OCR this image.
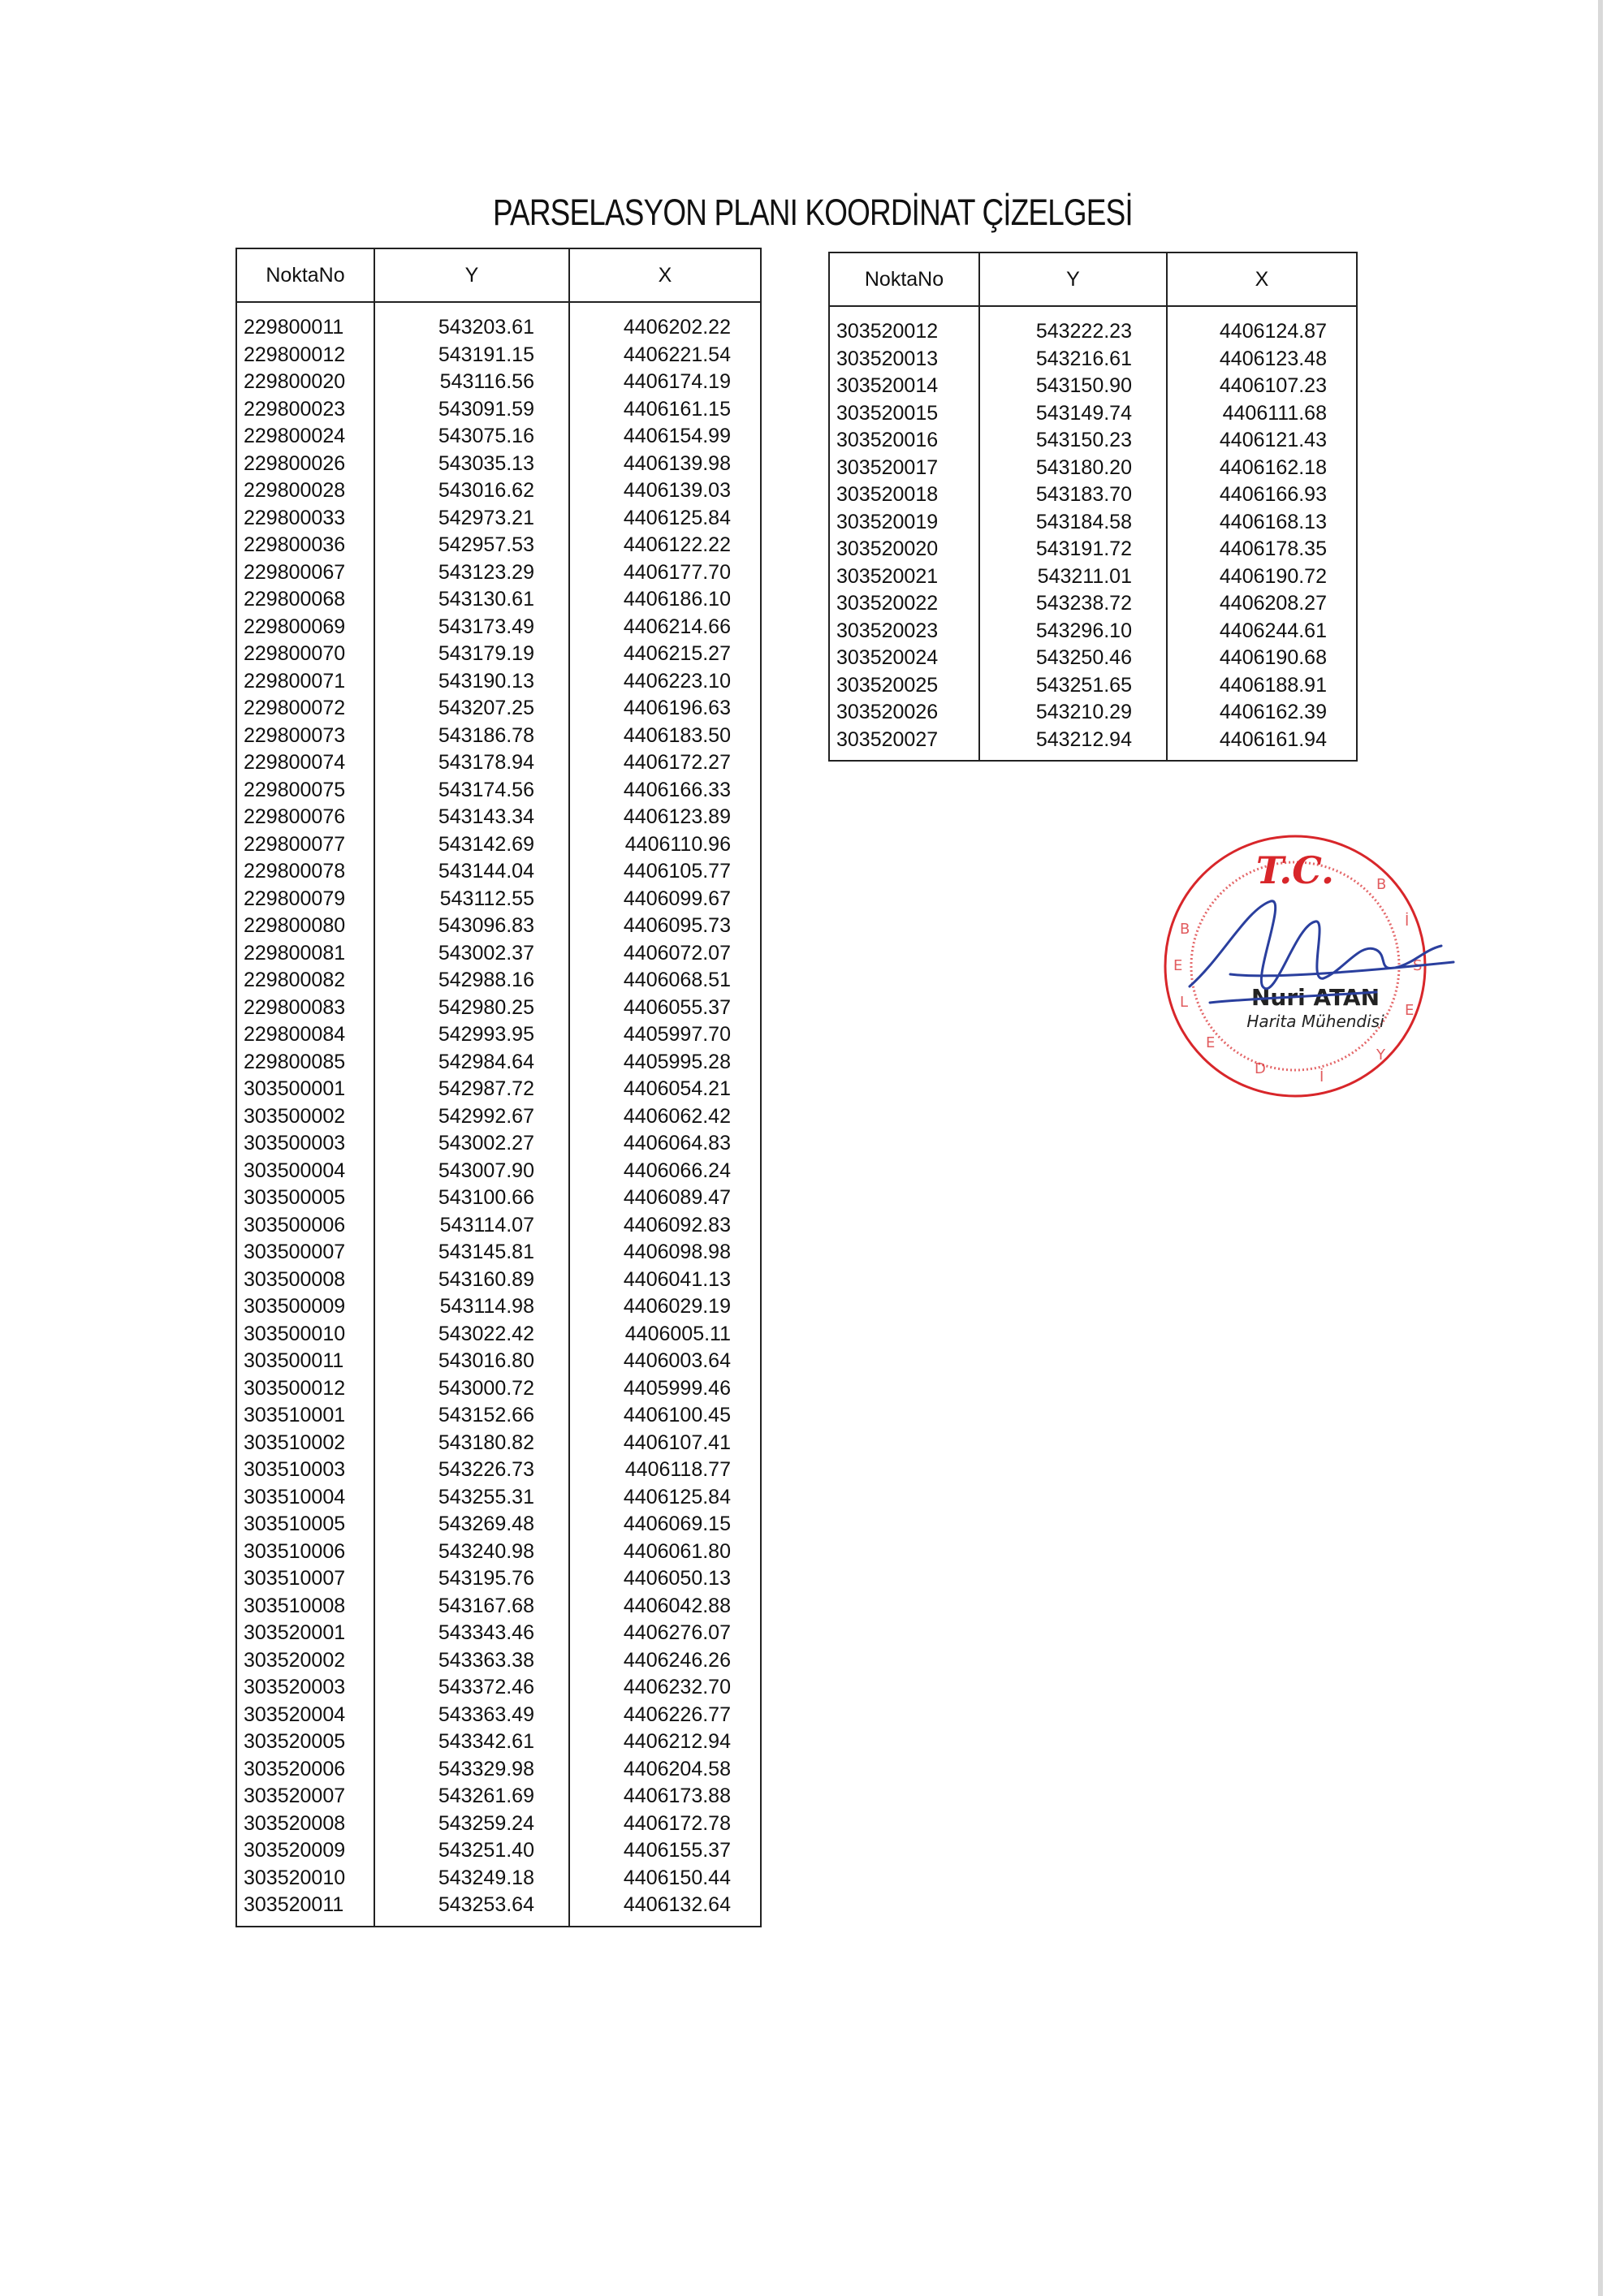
PARSELASYON PLANI KOORDİNAT ÇİZELGESİ
NoktaNo	Y	X

229800011	543203.61	4406202.22
229800012	543191.15	4406221.54
229800020	543116.56	4406174.19
229800023	543091.59	4406161.15
229800024	543075.16	4406154.99
229800026	543035.13	4406139.98
229800028	543016.62	4406139.03
229800033	542973.21	4406125.84
229800036	542957.53	4406122.22
229800067	543123.29	4406177.70
229800068	543130.61	4406186.10
229800069	543173.49	4406214.66
229800070	543179.19	4406215.27
229800071	543190.13	4406223.10
229800072	543207.25	4406196.63
229800073	543186.78	4406183.50
229800074	543178.94	4406172.27
229800075	543174.56	4406166.33
229800076	543143.34	4406123.89
229800077	543142.69	4406110.96
229800078	543144.04	4406105.77
229800079	543112.55	4406099.67
229800080	543096.83	4406095.73
229800081	543002.37	4406072.07
229800082	542988.16	4406068.51
229800083	542980.25	4406055.37
229800084	542993.95	4405997.70
229800085	542984.64	4405995.28
303500001	542987.72	4406054.21
303500002	542992.67	4406062.42
303500003	543002.27	4406064.83
303500004	543007.90	4406066.24
303500005	543100.66	4406089.47
303500006	543114.07	4406092.83
303500007	543145.81	4406098.98
303500008	543160.89	4406041.13
303500009	543114.98	4406029.19
303500010	543022.42	4406005.11
303500011	543016.80	4406003.64
303500012	543000.72	4405999.46
303510001	543152.66	4406100.45
303510002	543180.82	4406107.41
303510003	543226.73	4406118.77
303510004	543255.31	4406125.84
303510005	543269.48	4406069.15
303510006	543240.98	4406061.80
303510007	543195.76	4406050.13
303510008	543167.68	4406042.88
303520001	543343.46	4406276.07
303520002	543363.38	4406246.26
303520003	543372.46	4406232.70
303520004	543363.49	4406226.77
303520005	543342.61	4406212.94
303520006	543329.98	4406204.58
303520007	543261.69	4406173.88
303520008	543259.24	4406172.78
303520009	543251.40	4406155.37
303520010	543249.18	4406150.44
303520011	543253.64	4406132.64

NoktaNo	Y	X

303520012	543222.23	4406124.87
303520013	543216.61	4406123.48
303520014	543150.90	4406107.23
303520015	543149.74	4406111.68
303520016	543150.23	4406121.43
303520017	543180.20	4406162.18
303520018	543183.70	4406166.93
303520019	543184.58	4406168.13
303520020	543191.72	4406178.35
303520021	543211.01	4406190.72
303520022	543238.72	4406208.27
303520023	543296.10	4406244.61
303520024	543250.46	4406190.68
303520025	543251.65	4406188.91
303520026	543210.29	4406162.39
303520027	543212.94	4406161.94

T.C.
B
E
L
E
D	İ
Y
E
S
İ
B
Nuri ATAN
Harita Mühendisi
